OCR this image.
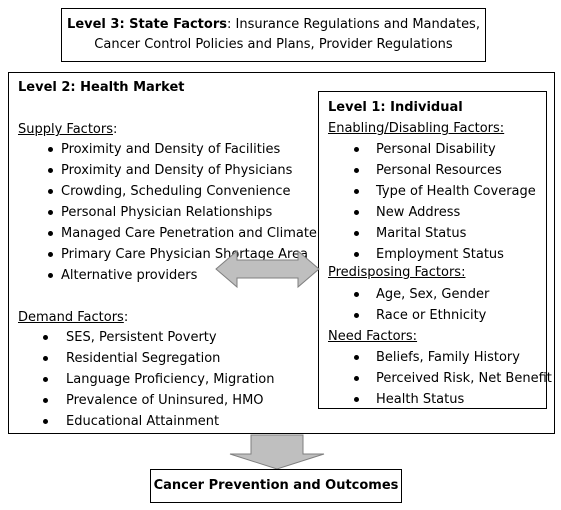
Level 3: State Factors: Insurance Regulations and Mandates, Cancer Control Policies and Plans, Provider Regulations
Level 2: Health Market
Supply Factors:
Proximity and Density of Facilities
Proximity and Density of Physicians
Crowding, Scheduling Convenience
Personal Physician Relationships
Managed Care Penetration and Climate
Primary Care Physician Shortage Area
Alternative providers
Demand Factors:
SES, Persistent Poverty
Residential Segregation
Language Proficiency, Migration
Prevalence of Uninsured, HMO
Educational Attainment
Level 1: Individual
Enabling/Disabling Factors:
Personal Disability
Personal Resources
Type of Health Coverage
New Address
Marital Status
Employment Status
Predisposing Factors:
Age, Sex, Gender
Race or Ethnicity
Need Factors:
Beliefs, Family History
Perceived Risk, Net Benefit
Health Status
Cancer Prevention and Outcomes
